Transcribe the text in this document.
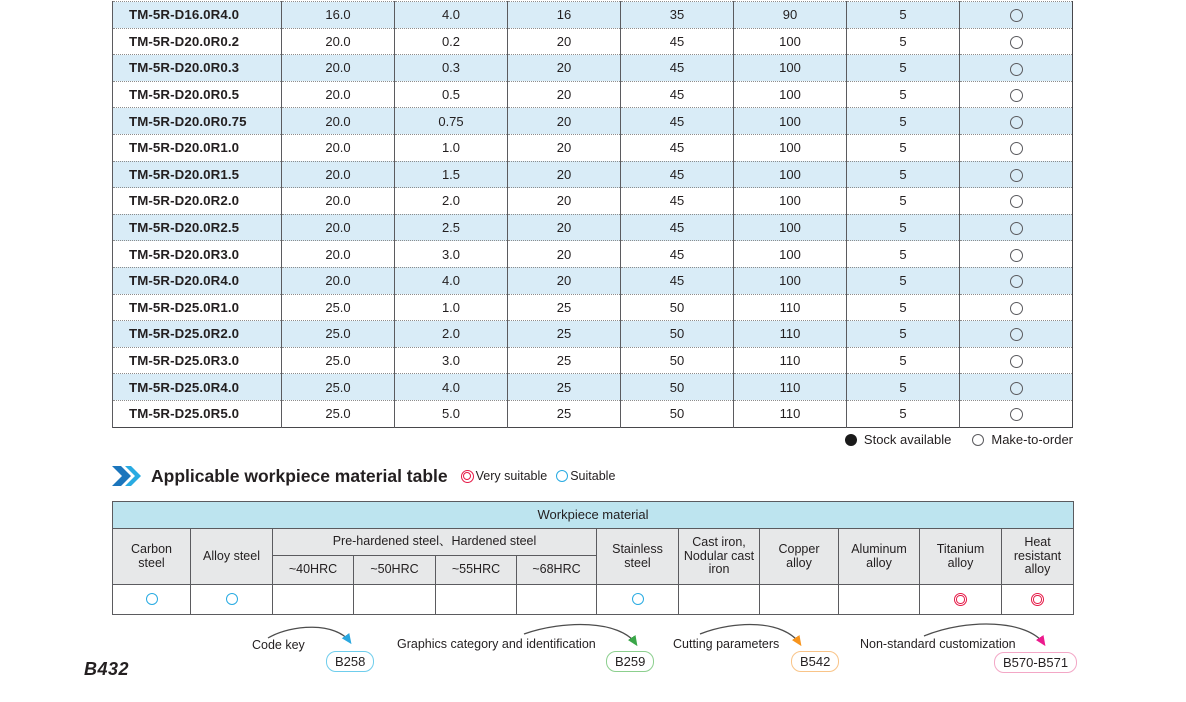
TM-5R-D16.0R4.0	16.0	4.0	16	35	90	5	
TM-5R-D20.0R0.2	20.0	0.2	20	45	100	5	
TM-5R-D20.0R0.3	20.0	0.3	20	45	100	5	
TM-5R-D20.0R0.5	20.0	0.5	20	45	100	5	
TM-5R-D20.0R0.75	20.0	0.75	20	45	100	5	
TM-5R-D20.0R1.0	20.0	1.0	20	45	100	5	
TM-5R-D20.0R1.5	20.0	1.5	20	45	100	5	
TM-5R-D20.0R2.0	20.0	2.0	20	45	100	5	
TM-5R-D20.0R2.5	20.0	2.5	20	45	100	5	
TM-5R-D20.0R3.0	20.0	3.0	20	45	100	5	
TM-5R-D20.0R4.0	20.0	4.0	20	45	100	5	
TM-5R-D25.0R1.0	25.0	1.0	25	50	110	5	
TM-5R-D25.0R2.0	25.0	2.0	25	50	110	5	
TM-5R-D25.0R3.0	25.0	3.0	25	50	110	5	
TM-5R-D25.0R4.0	25.0	4.0	25	50	110	5	
TM-5R-D25.0R5.0	25.0	5.0	25	50	110	5	
Stock available	Make-to-order
Applicable workpiece material table Very suitable Suitable
Workpiece material											
Carbon steel	Alloy steel	Pre-hardened steel、Hardened steel				Stainless steel	Cast iron, Nodular cast iron	Copper alloy	Aluminum alloy	Titanium alloy	Heat resistant alloy
		~40HRC	~50HRC	~55HRC	~68HRC						

Code key	Graphics category and identification	Cutting parameters	Non-standard customization
B258	B259	B542	B570-B571
B432
